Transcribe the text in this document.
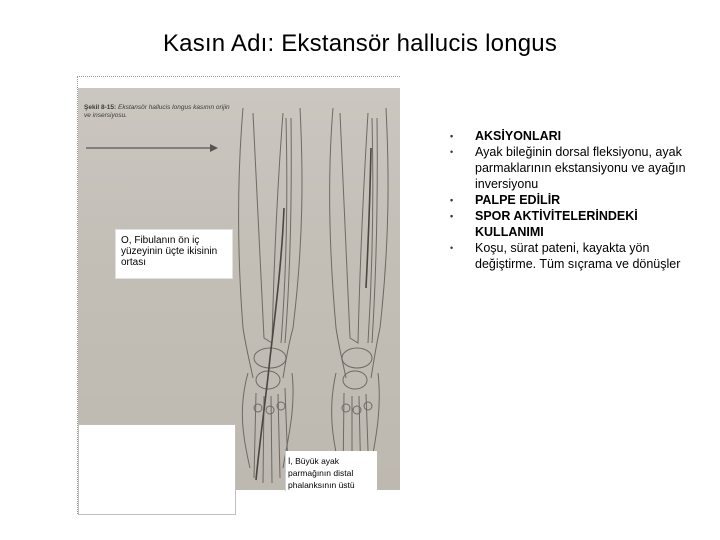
Kasın Adı: Ekstansör hallucis longus
Şekil 8-15: Ekstansör hallucis longus kasının orijin ve insersiyosu.
O, Fibulanın ön iç yüzeyinin üçte ikisinin ortası
İ, Büyük ayak parmağının distal phalanksının üstü
• AKSİYONLARI
• Ayak bileğinin dorsal fleksiyonu, ayak parmaklarının ekstansiyonu ve ayağın inversiyonu
• PALPE EDİLİR
• SPOR AKTİVİTELERİNDEKİ KULLANIMI
• Koşu, sürat pateni, kayakta yön değiştirme. Tüm sıçrama ve dönüşler
